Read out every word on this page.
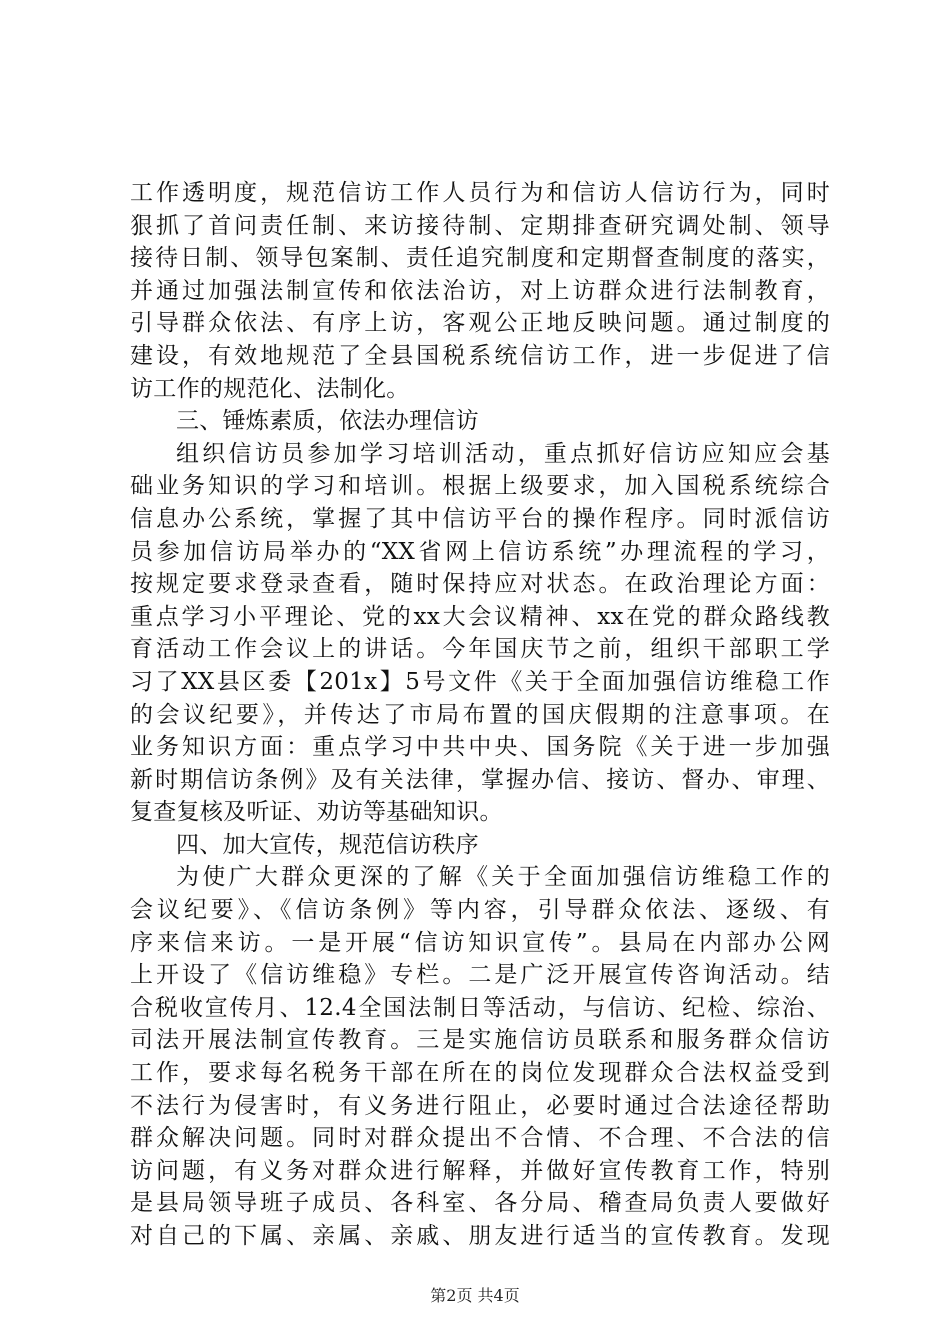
工作透明度，规范信访工作人员行为和信访人信访行为，同时
狠抓了首问责任制、来访接待制、定期排查研究调处制、领导
接待日制、领导包案制、责任追究制度和定期督查制度的落实，
并通过加强法制宣传和依法治访，对上访群众进行法制教育，
引导群众依法、有序上访，客观公正地反映问题。通过制度的
建设，有效地规范了全县国税系统信访工作，进一步促进了信
访工作的规范化、法制化。
三、锤炼素质，依法办理信访
组织信访员参加学习培训活动，重点抓好信访应知应会基
础业务知识的学习和培训。根据上级要求，加入国税系统综合
信息办公系统，掌握了其中信访平台的操作程序。同时派信访
员参加信访局举办的“XX省网上信访系统”办理流程的学习，
按规定要求登录查看，随时保持应对状态。在政治理论方面：
重点学习小平理论、党的xx大会议精神、xx在党的群众路线教
育活动工作会议上的讲话。今年国庆节之前，组织干部职工学
习了XX县区委【201x】5号文件《关于全面加强信访维稳工作
的会议纪要》，并传达了市局布置的国庆假期的注意事项。在
业务知识方面：重点学习中共中央、国务院《关于进一步加强
新时期信访条例》及有关法律，掌握办信、接访、督办、审理、
复查复核及听证、劝访等基础知识。
四、加大宣传，规范信访秩序
为使广大群众更深的了解《关于全面加强信访维稳工作的
会议纪要》、《信访条例》等内容，引导群众依法、逐级、有
序来信来访。一是开展“信访知识宣传”。县局在内部办公网
上开设了《信访维稳》专栏。二是广泛开展宣传咨询活动。结
合税收宣传月、12.4全国法制日等活动，与信访、纪检、综治、
司法开展法制宣传教育。三是实施信访员联系和服务群众信访
工作，要求每名税务干部在所在的岗位发现群众合法权益受到
不法行为侵害时，有义务进行阻止，必要时通过合法途径帮助
群众解决问题。同时对群众提出不合情、不合理、不合法的信
访问题，有义务对群众进行解释，并做好宣传教育工作，特别
是县局领导班子成员、各科室、各分局、稽查局负责人要做好
对自己的下属、亲属、亲戚、朋友进行适当的宣传教育。发现
第2页 共4页
